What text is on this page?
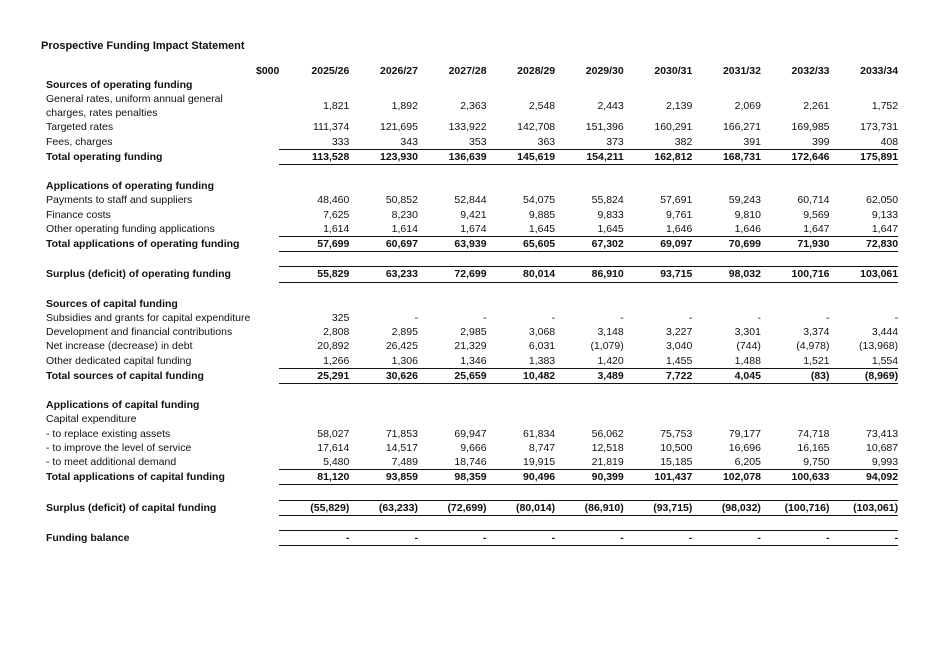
Prospective Funding Impact Statement
	$000	2025/26	2026/27	2027/28	2028/29	2029/30	2030/31	2031/32	2032/33	2033/34
Sources of operating funding										
General rates, uniform annual general charges, rates penalties		1,821	1,892	2,363	2,548	2,443	2,139	2,069	2,261	1,752
Targeted rates		111,374	121,695	133,922	142,708	151,396	160,291	166,271	169,985	173,731
Fees, charges		333	343	353	363	373	382	391	399	408
Total operating funding		113,528	123,930	136,639	145,619	154,211	162,812	168,731	172,646	175,891

Applications of operating funding										
Payments to staff and suppliers		48,460	50,852	52,844	54,075	55,824	57,691	59,243	60,714	62,050
Finance costs		7,625	8,230	9,421	9,885	9,833	9,761	9,810	9,569	9,133
Other operating funding applications		1,614	1,614	1,674	1,645	1,645	1,646	1,646	1,647	1,647
Total applications of operating funding		57,699	60,697	63,939	65,605	67,302	69,097	70,699	71,930	72,830

Surplus (deficit) of operating funding		55,829	63,233	72,699	80,014	86,910	93,715	98,032	100,716	103,061

Sources of capital funding										
Subsidies and grants for capital expenditure		325	-	-	-	-	-	-	-	-
Development and financial contributions		2,808	2,895	2,985	3,068	3,148	3,227	3,301	3,374	3,444
Net increase (decrease) in debt		20,892	26,425	21,329	6,031	(1,079)	3,040	(744)	(4,978)	(13,968)
Other dedicated capital funding		1,266	1,306	1,346	1,383	1,420	1,455	1,488	1,521	1,554
Total sources of capital funding		25,291	30,626	25,659	10,482	3,489	7,722	4,045	(83)	(8,969)

Applications of capital funding										
Capital expenditure										
- to replace existing assets		58,027	71,853	69,947	61,834	56,062	75,753	79,177	74,718	73,413
- to improve the level of service		17,614	14,517	9,666	8,747	12,518	10,500	16,696	16,165	10,687
- to meet additional demand		5,480	7,489	18,746	19,915	21,819	15,185	6,205	9,750	9,993
Total applications of capital funding		81,120	93,859	98,359	90,496	90,399	101,437	102,078	100,633	94,092

Surplus (deficit) of capital funding		(55,829)	(63,233)	(72,699)	(80,014)	(86,910)	(93,715)	(98,032)	(100,716)	(103,061)

Funding balance		-	-	-	-	-	-	-	-	-
